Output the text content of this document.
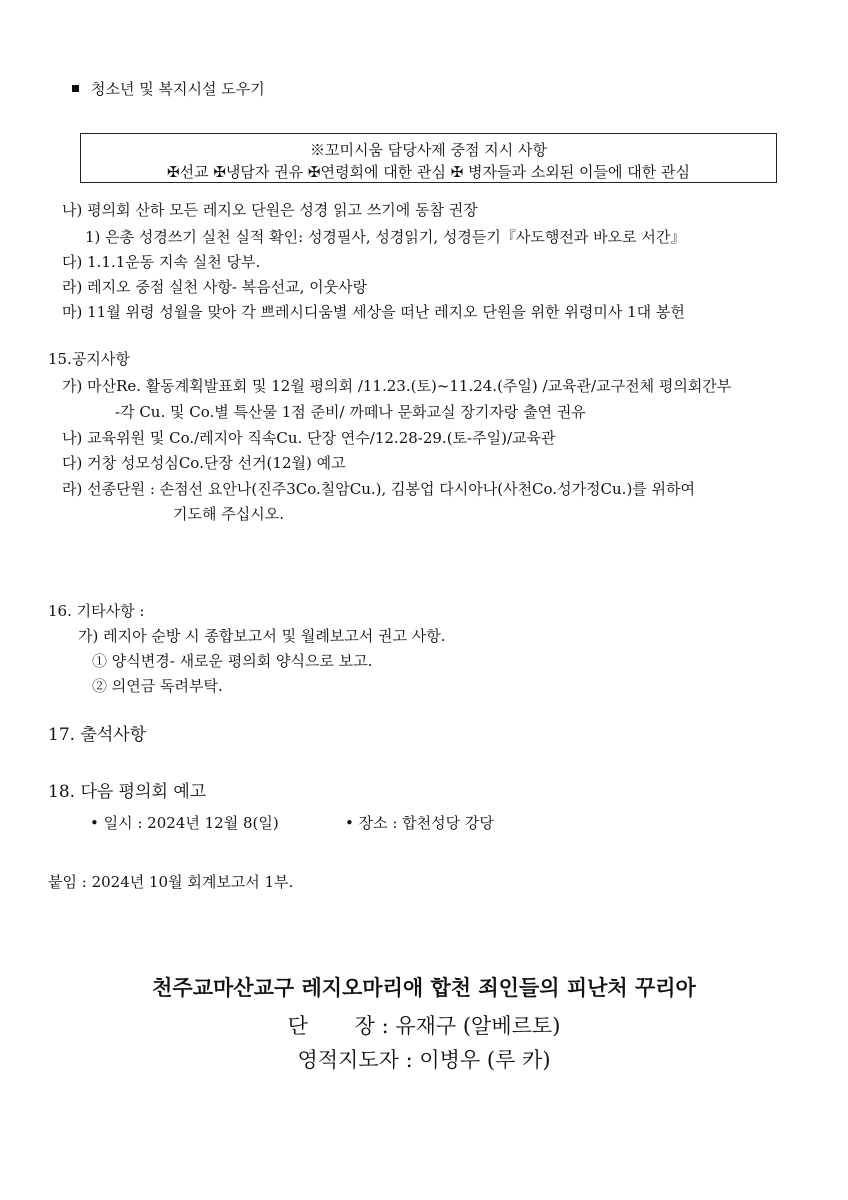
청소년 및 복지시설 도우기
※꼬미시움 담당사제 중점 지시 사항
✠선교 ✠냉담자 권유 ✠연령회에 대한 관심 ✠ 병자들과 소외된 이들에 대한 관심
나) 평의회 산하 모든 레지오 단원은 성경 읽고 쓰기에 동참 권장
1) 은총 성경쓰기 실천 실적 확인: 성경필사, 성경읽기, 성경듣기『사도행전과 바오로 서간』
다) 1.1.1운동 지속 실천 당부.
라) 레지오 중점 실천 사항- 복음선교, 이웃사랑
마) 11월 위령 성월을 맞아 각 쁘레시디움별 세상을 떠난 레지오 단원을 위한 위령미사 1대 봉헌
15.공지사항
가) 마산Re. 활동계획발표회 및 12월 평의회 /11.23.(토)~11.24.(주일) /교육관/교구전체 평의회간부
-각 Cu. 및 Co.별 특산물 1점 준비/ 까떼나 문화교실 장기자랑 출연 권유
나) 교육위원 및 Co./레지아 직속Cu. 단장 연수/12.28-29.(토-주일)/교육관
다) 거창 성모성심Co.단장 선거(12월) 예고
라) 선종단원 : 손점선 요안나(진주3Co.칠암Cu.), 김봉업 다시아나(사천Co.성가정Cu.)를 위하여
기도해 주십시오.
16. 기타사항 :
가) 레지아 순방 시 종합보고서 및 월례보고서 권고 사항.
① 양식변경- 새로운 평의회 양식으로 보고.
② 의연금 독려부탁.
17. 출석사항
18. 다음 평의회 예고
• 일시 : 2024년 12월 8(일)	• 장소 : 합천성당 강당
붙임 : 2024년 10월 회계보고서 1부.
천주교마산교구 레지오마리애 합천 죄인들의 피난처 꾸리아
단       장 : 유재구 (알베르토)
영적지도자 : 이병우 (루 카)
